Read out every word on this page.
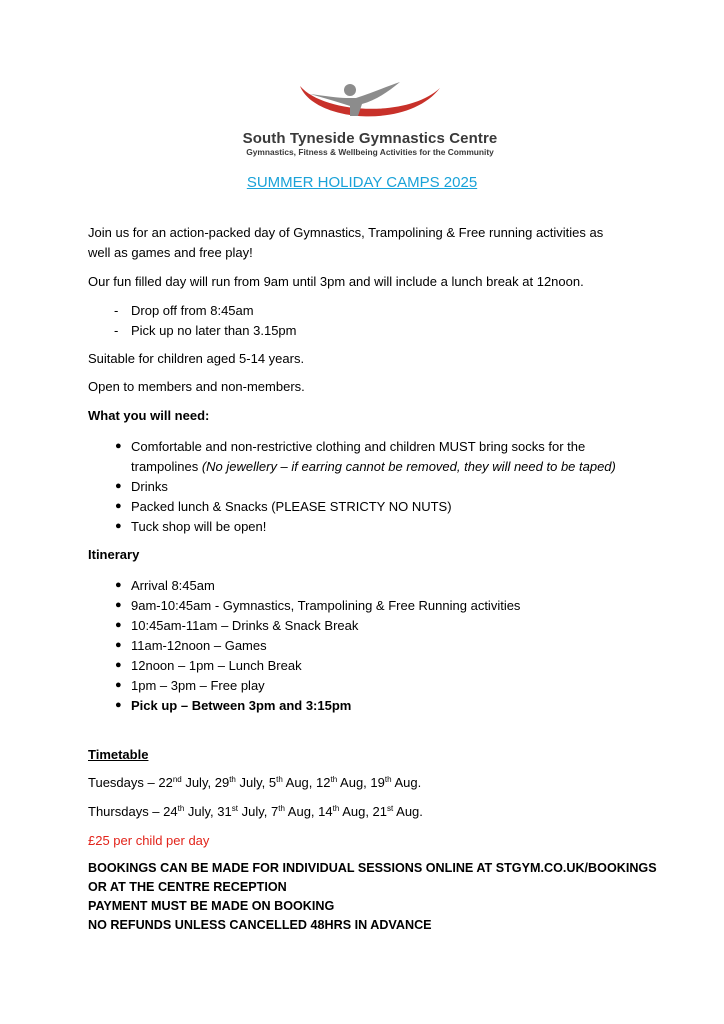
South Tyneside Gymnastics Centre
Gymnastics, Fitness & Wellbeing Activities for the Community
SUMMER HOLIDAY CAMPS 2025
Join us for an action-packed day of Gymnastics, Trampolining & Free running activities as
well as games and free play!
Our fun filled day will run from 9am until 3pm and will include a lunch break at 12noon.
- Drop off from 8:45am
- Pick up no later than 3.15pm
Suitable for children aged 5-14 years.
Open to members and non-members.
What you will need:
● Comfortable and non-restrictive clothing and children MUST bring socks for the
trampolines (No jewellery – if earring cannot be removed, they will need to be taped)
● Drinks
● Packed lunch & Snacks (PLEASE STRICTY NO NUTS)
● Tuck shop will be open!
Itinerary
● Arrival 8:45am
● 9am-10:45am - Gymnastics, Trampolining & Free Running activities
● 10:45am-11am – Drinks & Snack Break
● 11am-12noon – Games
● 12noon – 1pm – Lunch Break
● 1pm – 3pm – Free play
● Pick up – Between 3pm and 3:15pm
Timetable
Tuesdays – 22nd July, 29th July, 5th Aug, 12th Aug, 19th Aug.
Thursdays – 24th July, 31st July, 7th Aug, 14th Aug, 21st Aug.
£25 per child per day
BOOKINGS CAN BE MADE FOR INDIVIDUAL SESSIONS ONLINE AT STGYM.CO.UK/BOOKINGS
OR AT THE CENTRE RECEPTION
PAYMENT MUST BE MADE ON BOOKING
NO REFUNDS UNLESS CANCELLED 48HRS IN ADVANCE
